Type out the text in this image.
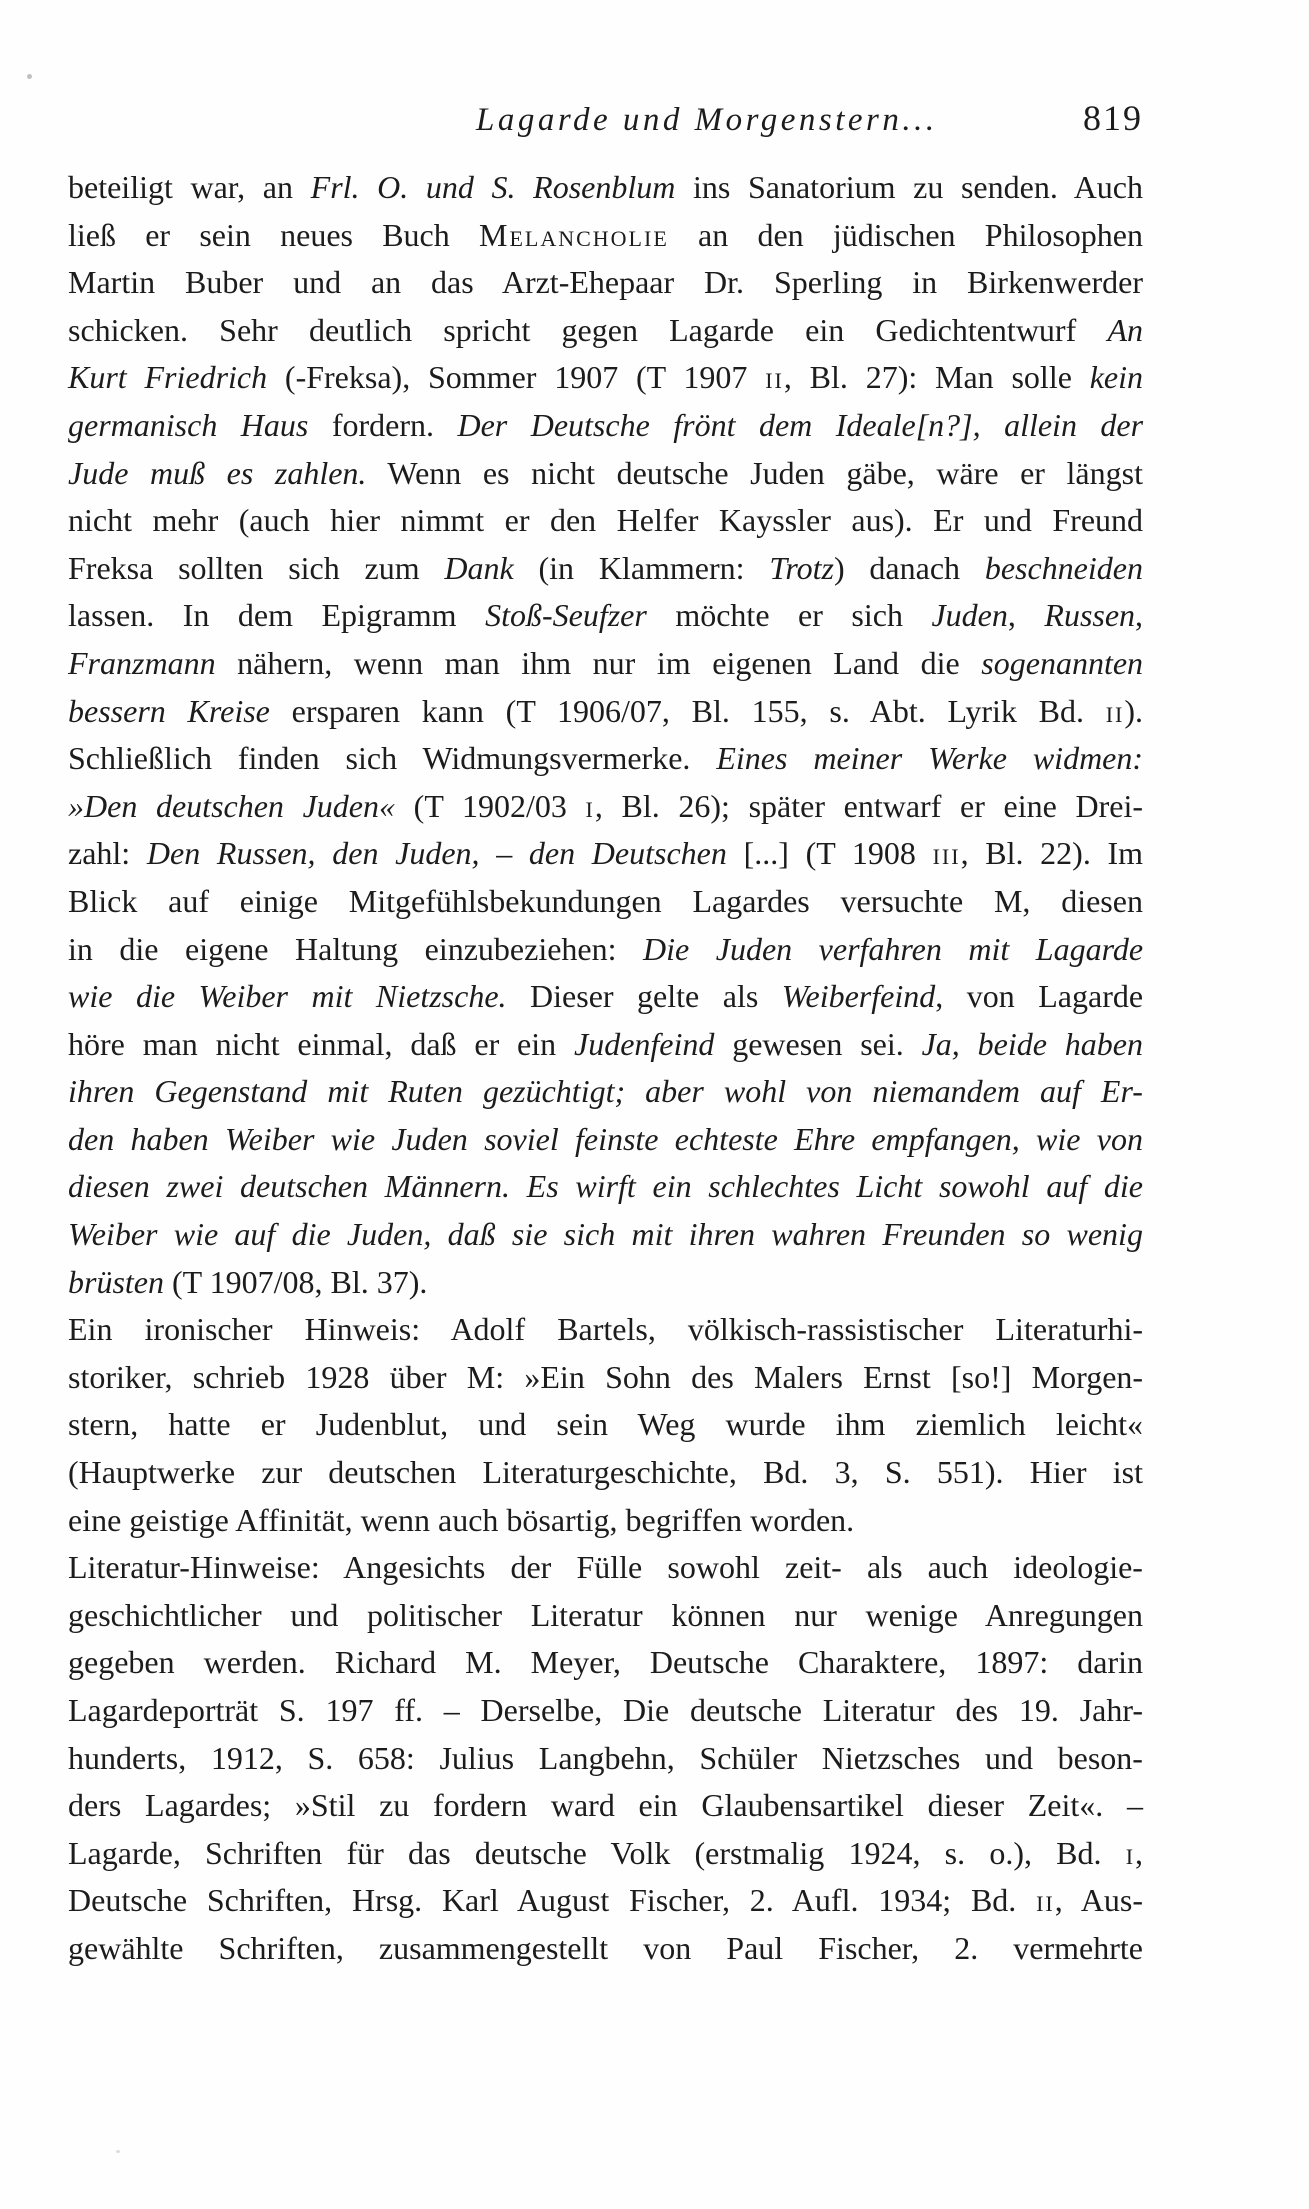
Lagarde und Morgenstern...	819
beteiligt war, an Frl. O. und S. Rosenblum ins Sanatorium zu senden. Auch
ließ er sein neues Buch Melancholie an den jüdischen Philosophen
Martin Buber und an das Arzt-Ehepaar Dr. Sperling in Birkenwerder
schicken. Sehr deutlich spricht gegen Lagarde ein Gedichtentwurf An
Kurt Friedrich (-Freksa), Sommer 1907 (T 1907 ii, Bl. 27): Man solle kein
germanisch Haus fordern. Der Deutsche frönt dem Ideale[n?], allein der
Jude muß es zahlen. Wenn es nicht deutsche Juden gäbe, wäre er längst
nicht mehr (auch hier nimmt er den Helfer Kayssler aus). Er und Freund
Freksa sollten sich zum Dank (in Klammern: Trotz) danach beschneiden
lassen. In dem Epigramm Stoß-Seufzer möchte er sich Juden, Russen,
Franzmann nähern, wenn man ihm nur im eigenen Land die sogenannten
bessern Kreise ersparen kann (T 1906/07, Bl. 155, s. Abt. Lyrik Bd. ii).
Schließlich finden sich Widmungsvermerke. Eines meiner Werke widmen:
»Den deutschen Juden« (T 1902/03 i, Bl. 26); später entwarf er eine Drei-
zahl: Den Russen, den Juden, – den Deutschen [...] (T 1908 iii, Bl. 22). Im
Blick auf einige Mitgefühlsbekundungen Lagardes versuchte M, diesen
in die eigene Haltung einzubeziehen: Die Juden verfahren mit Lagarde
wie die Weiber mit Nietzsche. Dieser gelte als Weiberfeind, von Lagarde
höre man nicht einmal, daß er ein Judenfeind gewesen sei. Ja, beide haben
ihren Gegenstand mit Ruten gezüchtigt; aber wohl von niemandem auf Er-
den haben Weiber wie Juden soviel feinste echteste Ehre empfangen, wie von
diesen zwei deutschen Männern. Es wirft ein schlechtes Licht sowohl auf die
Weiber wie auf die Juden, daß sie sich mit ihren wahren Freunden so wenig
brüsten (T 1907/08, Bl. 37).
Ein ironischer Hinweis: Adolf Bartels, völkisch-rassistischer Literaturhi-
storiker, schrieb 1928 über M: »Ein Sohn des Malers Ernst [so!] Morgen-
stern, hatte er Judenblut, und sein Weg wurde ihm ziemlich leicht«
(Hauptwerke zur deutschen Literaturgeschichte, Bd. 3, S. 551). Hier ist
eine geistige Affinität, wenn auch bösartig, begriffen worden.
Literatur-Hinweise: Angesichts der Fülle sowohl zeit- als auch ideologie-
geschichtlicher und politischer Literatur können nur wenige Anregungen
gegeben werden. Richard M. Meyer, Deutsche Charaktere, 1897: darin
Lagardeporträt S. 197 ff. – Derselbe, Die deutsche Literatur des 19. Jahr-
hunderts, 1912, S. 658: Julius Langbehn, Schüler Nietzsches und beson-
ders Lagardes; »Stil zu fordern ward ein Glaubensartikel dieser Zeit«. –
Lagarde, Schriften für das deutsche Volk (erstmalig 1924, s. o.), Bd. i,
Deutsche Schriften, Hrsg. Karl August Fischer, 2. Aufl. 1934; Bd. ii, Aus-
gewählte Schriften, zusammengestellt von Paul Fischer, 2. vermehrte
